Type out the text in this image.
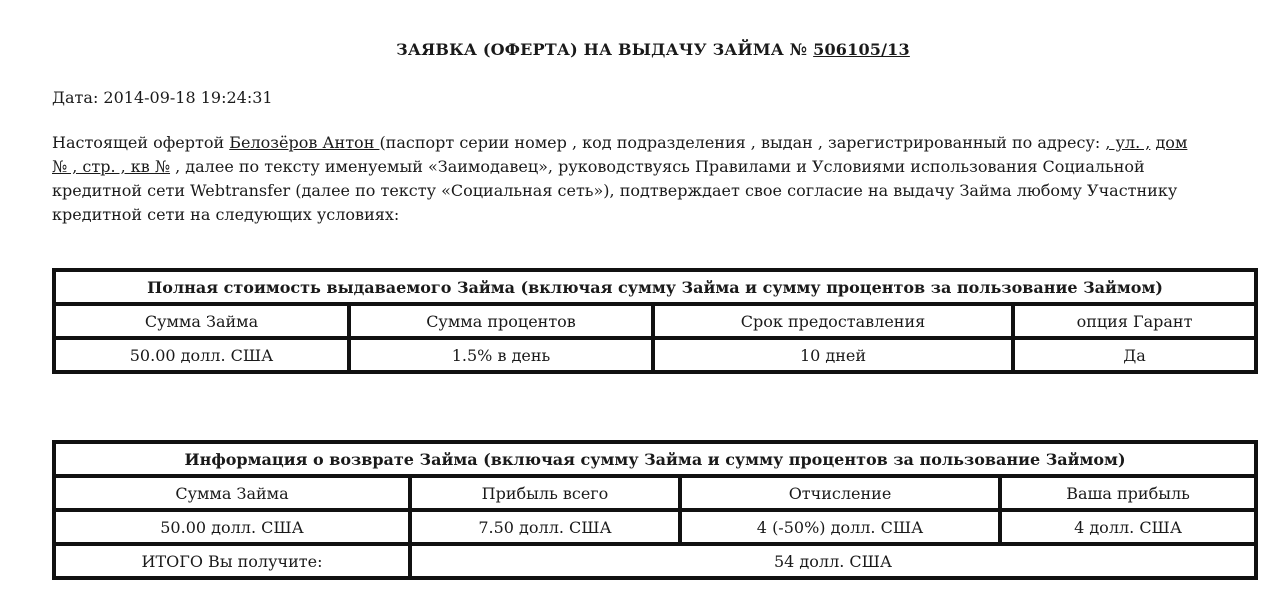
ЗАЯВКА (ОФЕРТА) НА ВЫДАЧУ ЗАЙМА № 506105/13
Дата: 2014-09-18 19:24:31
Настоящей офертой Белозёров Антон (паспорт серии номер , код подразделения , выдан , зарегистрированный по адресу: , ул. , дом № , стр. , кв № , далее по тексту именуемый «Заимодавец», руководствуясь Правилами и Условиями использования Социальной кредитной сети Webtransfer (далее по тексту «Социальная сеть»), подтверждает свое согласие на выдачу Займа любому Участнику кредитной сети на следующих условиях:
Полная стоимость выдаваемого Займа (включая сумму Займа и сумму процентов за пользование Займом)			
Сумма Займа	Сумма процентов	Срок предоставления	опция Гарант
50.00 долл. США	1.5% в день	10 дней	Да
Информация о возврате Займа (включая сумму Займа и сумму процентов за пользование Займом)			
Сумма Займа	Прибыль всего	Отчисление	Ваша прибыль
50.00 долл. США	7.50 долл. США	4 (-50%) долл. США	4 долл. США
ИТОГО Вы получите:	54 долл. США		
